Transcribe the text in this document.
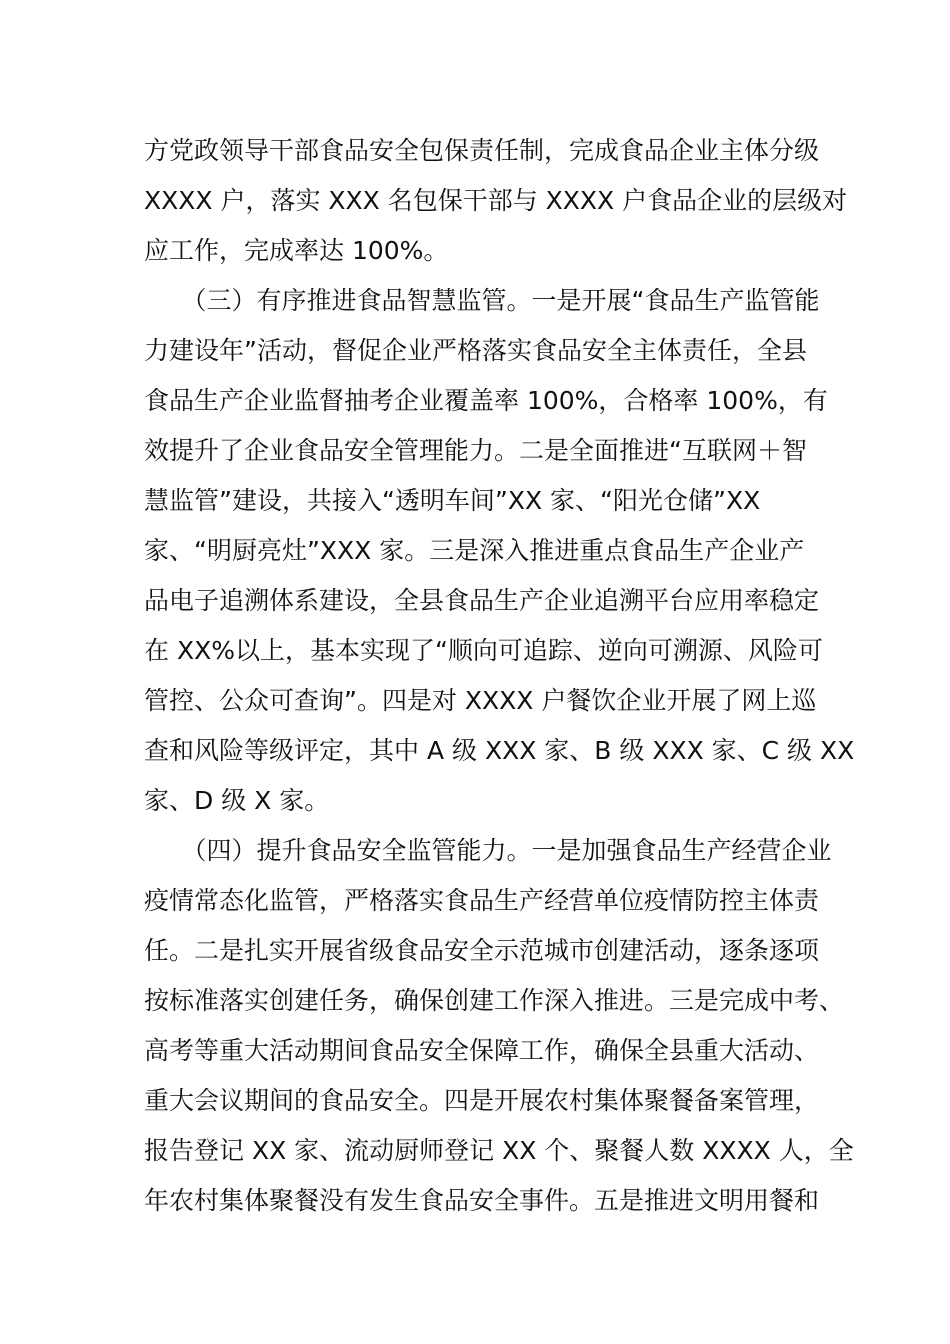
方党政领导干部食品安全包保责任制，完成食品企业主体分级
XXXX 户，落实 XXX 名包保干部与 XXXX 户食品企业的层级对
应工作，完成率达 100%。
　　（三）有序推进食品智慧监管。一是开展“食品生产监管能
力建设年”活动，督促企业严格落实食品安全主体责任，全县
食品生产企业监督抽考企业覆盖率 100%，合格率 100%，有
效提升了企业食品安全管理能力。二是全面推进“互联网＋智
慧监管”建设，共接入“透明车间”XX 家、“阳光仓储”XX
家、“明厨亮灶”XXX 家。三是深入推进重点食品生产企业产
品电子追溯体系建设，全县食品生产企业追溯平台应用率稳定
在 XX%以上，基本实现了“顺向可追踪、逆向可溯源、风险可
管控、公众可查询”。四是对 XXXX 户餐饮企业开展了网上巡
查和风险等级评定，其中 A 级 XXX 家、B 级 XXX 家、C 级 XX
家、D 级 X 家。
　　（四）提升食品安全监管能力。一是加强食品生产经营企业
疫情常态化监管，严格落实食品生产经营单位疫情防控主体责
任。二是扎实开展省级食品安全示范城市创建活动，逐条逐项
按标准落实创建任务，确保创建工作深入推进。三是完成中考、
高考等重大活动期间食品安全保障工作，确保全县重大活动、
重大会议期间的食品安全。四是开展农村集体聚餐备案管理，
报告登记 XX 家、流动厨师登记 XX 个、聚餐人数 XXXX 人，全
年农村集体聚餐没有发生食品安全事件。五是推进文明用餐和
